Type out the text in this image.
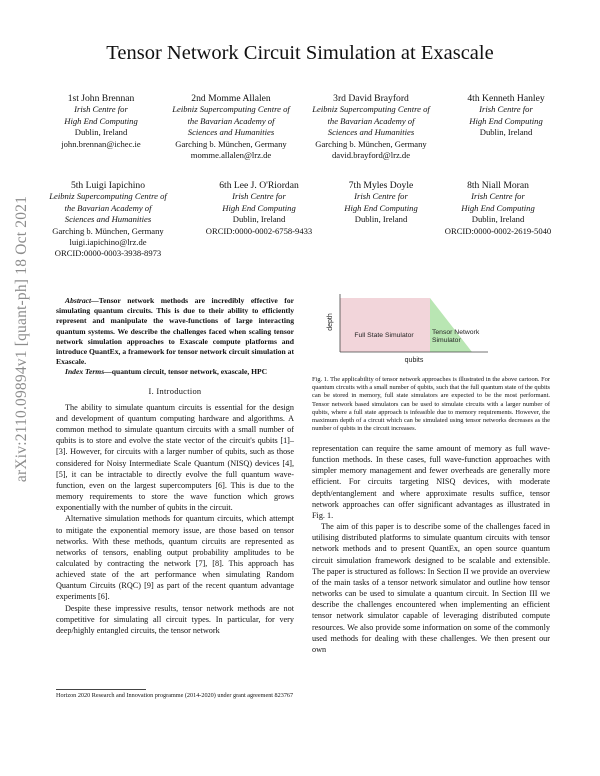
arXiv:2110.09894v1 [quant-ph] 18 Oct 2021
Tensor Network Circuit Simulation at Exascale
1st John Brennan
Irish Centre for
High End Computing
Dublin, Ireland
john.brennan@ichec.ie
2nd Momme Allalen
Leibniz Supercomputing Centre of
the Bavarian Academy of
Sciences and Humanities
Garching b. München, Germany
momme.allalen@lrz.de
3rd David Brayford
Leibniz Supercomputing Centre of
the Bavarian Academy of
Sciences and Humanities
Garching b. München, Germany
david.brayford@lrz.de
4th Kenneth Hanley
Irish Centre for
High End Computing
Dublin, Ireland
5th Luigi Iapichino
Leibniz Supercomputing Centre of
the Bavarian Academy of
Sciences and Humanities
Garching b. München, Germany
luigi.iapichino@lrz.de
ORCID:0000-0003-3938-8973
6th Lee J. O'Riordan
Irish Centre for
High End Computing
Dublin, Ireland
ORCID:0000-0002-6758-9433
7th Myles Doyle
Irish Centre for
High End Computing
Dublin, Ireland
8th Niall Moran
Irish Centre for
High End Computing
Dublin, Ireland
ORCID:0000-0002-2619-5040

Abstract—Tensor network methods are incredibly effective for simulating quantum circuits. This is due to their ability to efficiently represent and manipulate the wave-functions of large interacting quantum systems. We describe the challenges faced when scaling tensor network simulation approaches to Exascale compute platforms and introduce QuantEx, a framework for tensor network circuit simulation at Exascale.

Index Terms—quantum circuit, tensor network, exascale, HPC

I. Introduction

The ability to simulate quantum circuits is essential for the design and development of quantum computing hardware and algorithms. A common method to simulate quantum circuits with a small number of qubits is to store and evolve the state vector of the circuit's qubits [1]–[3]. However, for circuits with a larger number of qubits, such as those considered for Noisy Intermediate Scale Quantum (NISQ) devices [4], [5], it can be intractable to directly evolve the full quantum wave-function, even on the largest supercomputers [6]. This is due to the memory requirements to store the wave function which grows exponentially with the number of qubits in the circuit.

Alternative simulation methods for quantum circuits, which attempt to mitigate the exponential memory issue, are those based on tensor networks. With these methods, quantum circuits are represented as networks of tensors, enabling output probability amplitudes to be calculated by contracting the network [7], [8]. This approach has achieved state of the art performance when simulating Random Quantum Circuits (RQC) [9] as part of the recent quantum advantage experiments [6].

Despite these impressive results, tensor network methods are not competitive for simulating all circuit types. In particular, for very deep/highly entangled circuits, the tensor network

Horizon 2020 Research and Innovation programme (2014-2020) under grant agreement 823767
depth
qubits
Full State Simulator	Tensor Network Simulator
Fig. 1. The applicability of tensor network approaches is illustrated in the above cartoon. For quantum circuits with a small number of qubits, such that the full quantum state of the qubits can be stored in memory, full state simulators are expected to be the most performant. Tensor network based simulators can be used to simulate circuits with a larger number of qubits, where a full state approach is infeasible due to memory requirements. However, the maximum depth of a circuit which can be simulated using tensor networks decreases as the number of qubits in the circuit increases.

representation can require the same amount of memory as full wave-function methods. In these cases, full wave-function approaches with simpler memory management and fewer overheads are generally more efficient. For circuits targeting NISQ devices, with moderate depth/entanglement and where approximate results suffice, tensor network approaches can offer significant advantages as illustrated in Fig. 1.

The aim of this paper is to describe some of the challenges faced in utilising distributed platforms to simulate quantum circuits with tensor network methods and to present QuantEx, an open source quantum circuit simulation framework designed to be scalable and extensible. The paper is structured as follows: In Section II we provide an overview of the main tasks of a tensor network simulator and outline how tensor networks can be used to simulate a quantum circuit. In Section III we describe the challenges encountered when implementing an efficient tensor network simulator capable of leveraging distributed compute resources. We also provide some information on some of the commonly used methods for dealing with these challenges. We then present our own
